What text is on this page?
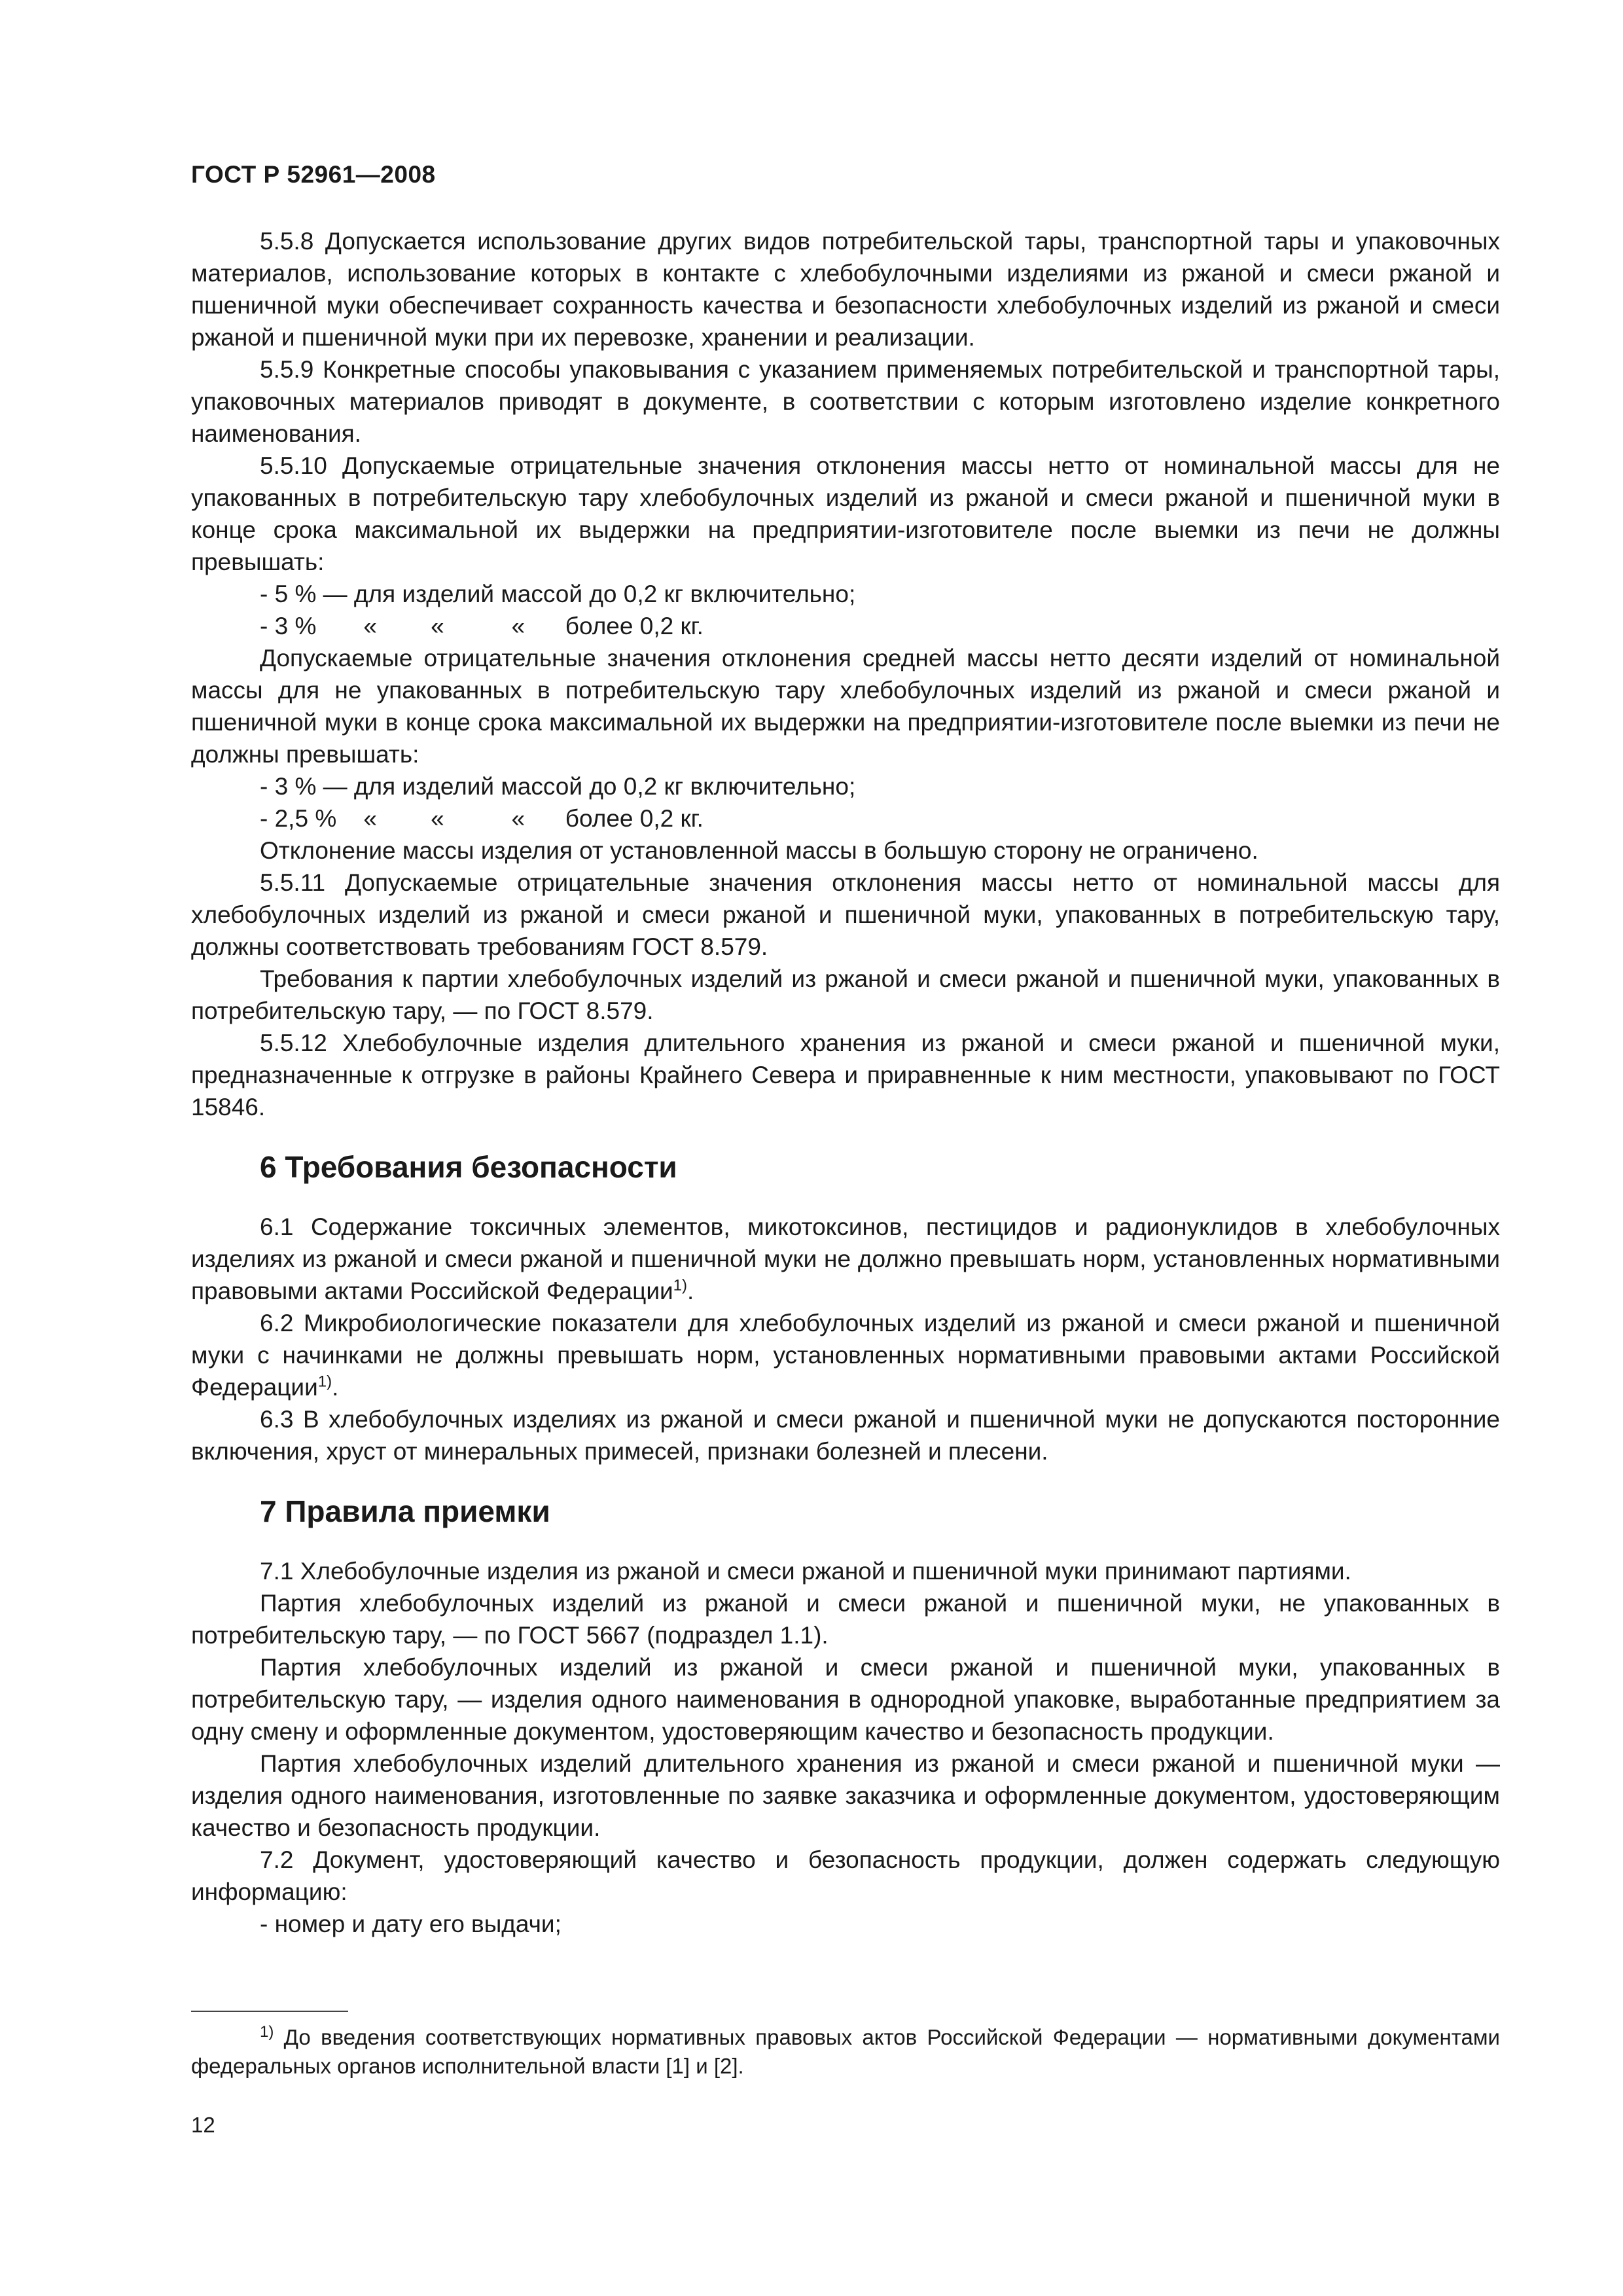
ГОСТ Р 52961—2008

5.5.8 Допускается использование других видов потребительской тары, транспортной тары и упаковочных материалов, использование которых в контакте с хлебобулочными изделиями из ржаной и смеси ржаной и пшеничной муки обеспечивает сохранность качества и безопасности хлебобулочных изделий из ржаной и смеси ржаной и пшеничной муки при их перевозке, хранении и реализации.

5.5.9 Конкретные способы упаковывания с указанием применяемых потребительской и транспортной тары, упаковочных материалов приводят в документе, в соответствии с которым изготовлено изделие конкретного наименования.

5.5.10 Допускаемые отрицательные значения отклонения массы нетто от номинальной массы для не упакованных в потребительскую тару хлебобулочных изделий из ржаной и смеси ржаной и пшеничной муки в конце срока максимальной их выдержки на предприятии-изготовителе после выемки из печи не должны превышать:

- 5 % — для изделий массой до 0,2 кг включительно;
- 3 %       «        «          «      более 0,2 кг.

Допускаемые отрицательные значения отклонения средней массы нетто десяти изделий от номинальной массы для не упакованных в потребительскую тару хлебобулочных изделий из ржаной и смеси ржаной и пшеничной муки в конце срока максимальной их выдержки на предприятии-изготовителе после выемки из печи не должны превышать:

- 3 % — для изделий массой до 0,2 кг включительно;
- 2,5 %    «        «          «      более 0,2 кг.

Отклонение массы изделия от установленной массы в большую сторону не ограничено.

5.5.11 Допускаемые отрицательные значения отклонения массы нетто от номинальной массы для хлебобулочных изделий из ржаной и смеси ржаной и пшеничной муки, упакованных в потребительскую тару, должны соответствовать требованиям ГОСТ 8.579.

Требования к партии хлебобулочных изделий из ржаной и смеси ржаной и пшеничной муки, упакованных в потребительскую тару, — по ГОСТ 8.579.

5.5.12 Хлебобулочные изделия длительного хранения из ржаной и смеси ржаной и пшеничной муки, предназначенные к отгрузке в районы Крайнего Севера и приравненные к ним местности, упаковывают по ГОСТ 15846.

6 Требования безопасности

6.1 Содержание токсичных элементов, микотоксинов, пестицидов и радионуклидов в хлебобулочных изделиях из ржаной и смеси ржаной и пшеничной муки не должно превышать норм, установленных нормативными правовыми актами Российской Федерации$^{1)}$.

6.2 Микробиологические показатели для хлебобулочных изделий из ржаной и смеси ржаной и пшеничной муки с начинками не должны превышать норм, установленных нормативными правовыми актами Российской Федерации$^{1)}$.

6.3 В хлебобулочных изделиях из ржаной и смеси ржаной и пшеничной муки не допускаются посторонние включения, хруст от минеральных примесей, признаки болезней и плесени.

7 Правила приемки

7.1 Хлебобулочные изделия из ржаной и смеси ржаной и пшеничной муки принимают партиями.

Партия хлебобулочных изделий из ржаной и смеси ржаной и пшеничной муки, не упакованных в потребительскую тару, — по ГОСТ 5667 (подраздел 1.1).

Партия хлебобулочных изделий из ржаной и смеси ржаной и пшеничной муки, упакованных в потребительскую тару, — изделия одного наименования в однородной упаковке, выработанные предприятием за одну смену и оформленные документом, удостоверяющим качество и безопасность продукции.

Партия хлебобулочных изделий длительного хранения из ржаной и смеси ржаной и пшеничной муки — изделия одного наименования, изготовленные по заявке заказчика и оформленные документом, удостоверяющим качество и безопасность продукции.

7.2 Документ, удостоверяющий качество и безопасность продукции, должен содержать следующую информацию:

- номер и дату его выдачи;

$^{1)}$ До введения соответствующих нормативных правовых актов Российской Федерации — нормативными документами федеральных органов исполнительной власти [1] и [2].

12
